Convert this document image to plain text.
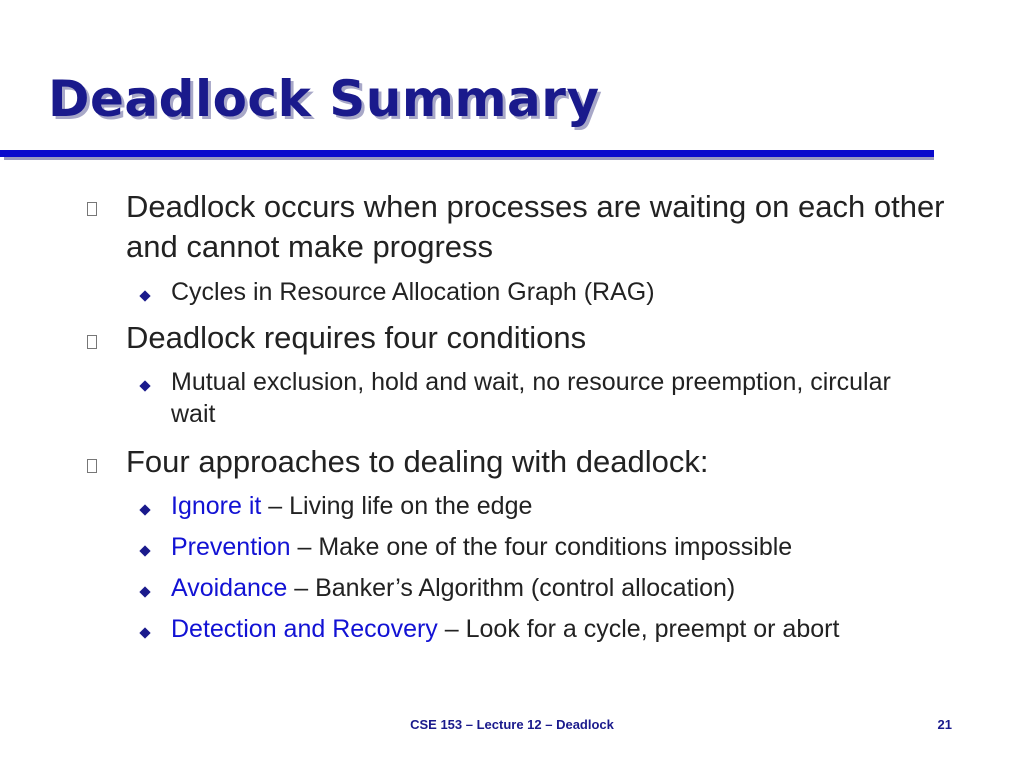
Deadlock Summary
Deadlock occurs when processes are waiting on each other and cannot make progress
Cycles in Resource Allocation Graph (RAG)
Deadlock requires four conditions
Mutual exclusion, hold and wait, no resource preemption, circular wait
Four approaches to dealing with deadlock:
Ignore it – Living life on the edge
Prevention – Make one of the four conditions impossible
Avoidance – Banker’s Algorithm (control allocation)
Detection and Recovery – Look for a cycle, preempt or abort
CSE 153 – Lecture 12 – Deadlock	21
